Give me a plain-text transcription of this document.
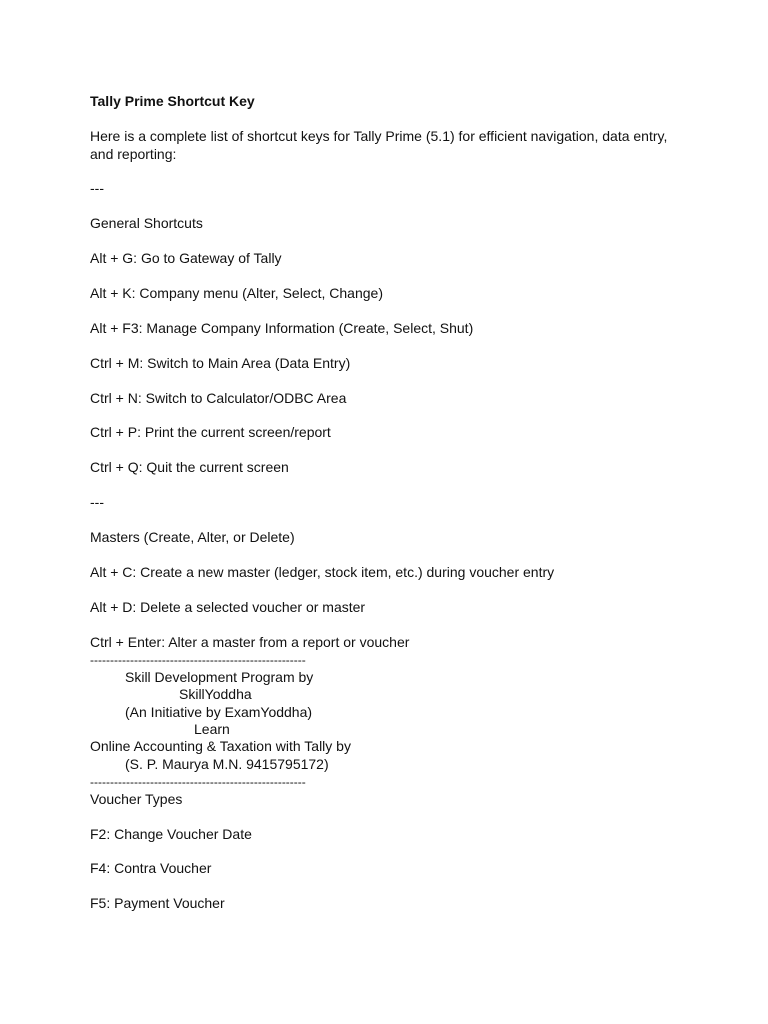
Tally Prime Shortcut Key
Here is a complete list of shortcut keys for Tally Prime (5.1) for efficient navigation, data entry, and reporting:
---
General Shortcuts
Alt + G: Go to Gateway of Tally
Alt + K: Company menu (Alter, Select, Change)
Alt + F3: Manage Company Information (Create, Select, Shut)
Ctrl + M: Switch to Main Area (Data Entry)
Ctrl + N: Switch to Calculator/ODBC Area
Ctrl + P: Print the current screen/report
Ctrl + Q: Quit the current screen
---
Masters (Create, Alter, or Delete)
Alt + C: Create a new master (ledger, stock item, etc.) during voucher entry
Alt + D: Delete a selected voucher or master
Ctrl + Enter: Alter a master from a report or voucher
------------------------------------------------------
Skill Development Program by
SkillYoddha
(An Initiative by ExamYoddha)
Learn
Online Accounting & Taxation with Tally by
(S. P. Maurya M.N. 9415795172)
------------------------------------------------------
Voucher Types
F2: Change Voucher Date
F4: Contra Voucher
F5: Payment Voucher
